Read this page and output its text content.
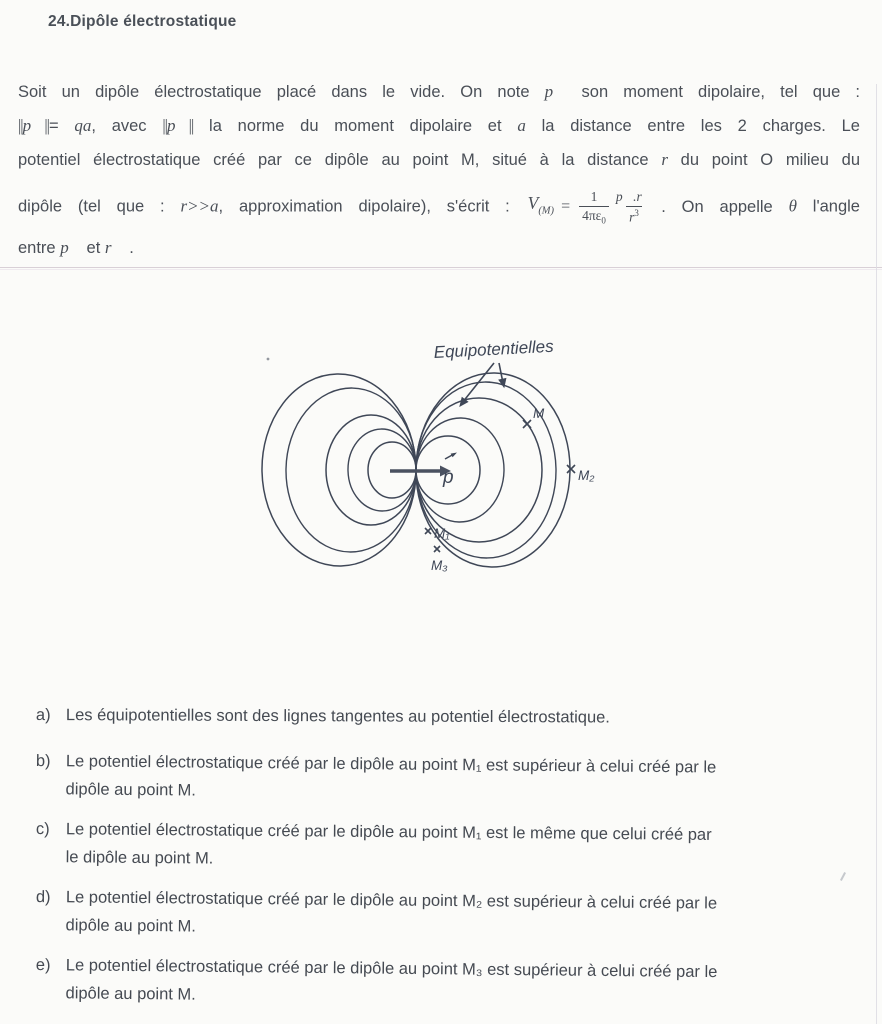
24.Dipôle électrostatique
Soit un dipôle électrostatique placé dans le vide. On note p⃗ son moment dipolaire, tel que :
||p⃗||= qa, avec ||p⃗|| la norme du moment dipolaire et a la distance entre les 2 charges. Le
potentiel électrostatique créé par ce dipôle au point M, situé à la distance r du point O milieu du
dipôle (tel que : r>>a, approximation dipolaire), s'écrit : $V_{(M)} = \frac{1}{4\pi\varepsilon_0} \frac{p⃗.r⃗}{r^3}$ . On appelle θ l'angle
entre p⃗ et r⃗ .
p
Equipotentielles
M
M₂
M₁
M₃
a) Les équipotentielles sont des lignes tangentes au potentiel électrostatique.
b) Le potentiel électrostatique créé par le dipôle au point M₁ est supérieur à celui créé par le
dipôle au point M.
c) Le potentiel électrostatique créé par le dipôle au point M₁ est le même que celui créé par
le dipôle au point M.
d) Le potentiel électrostatique créé par le dipôle au point M₂ est supérieur à celui créé par le
dipôle au point M.
e) Le potentiel électrostatique créé par le dipôle au point M₃ est supérieur à celui créé par le
dipôle au point M.
